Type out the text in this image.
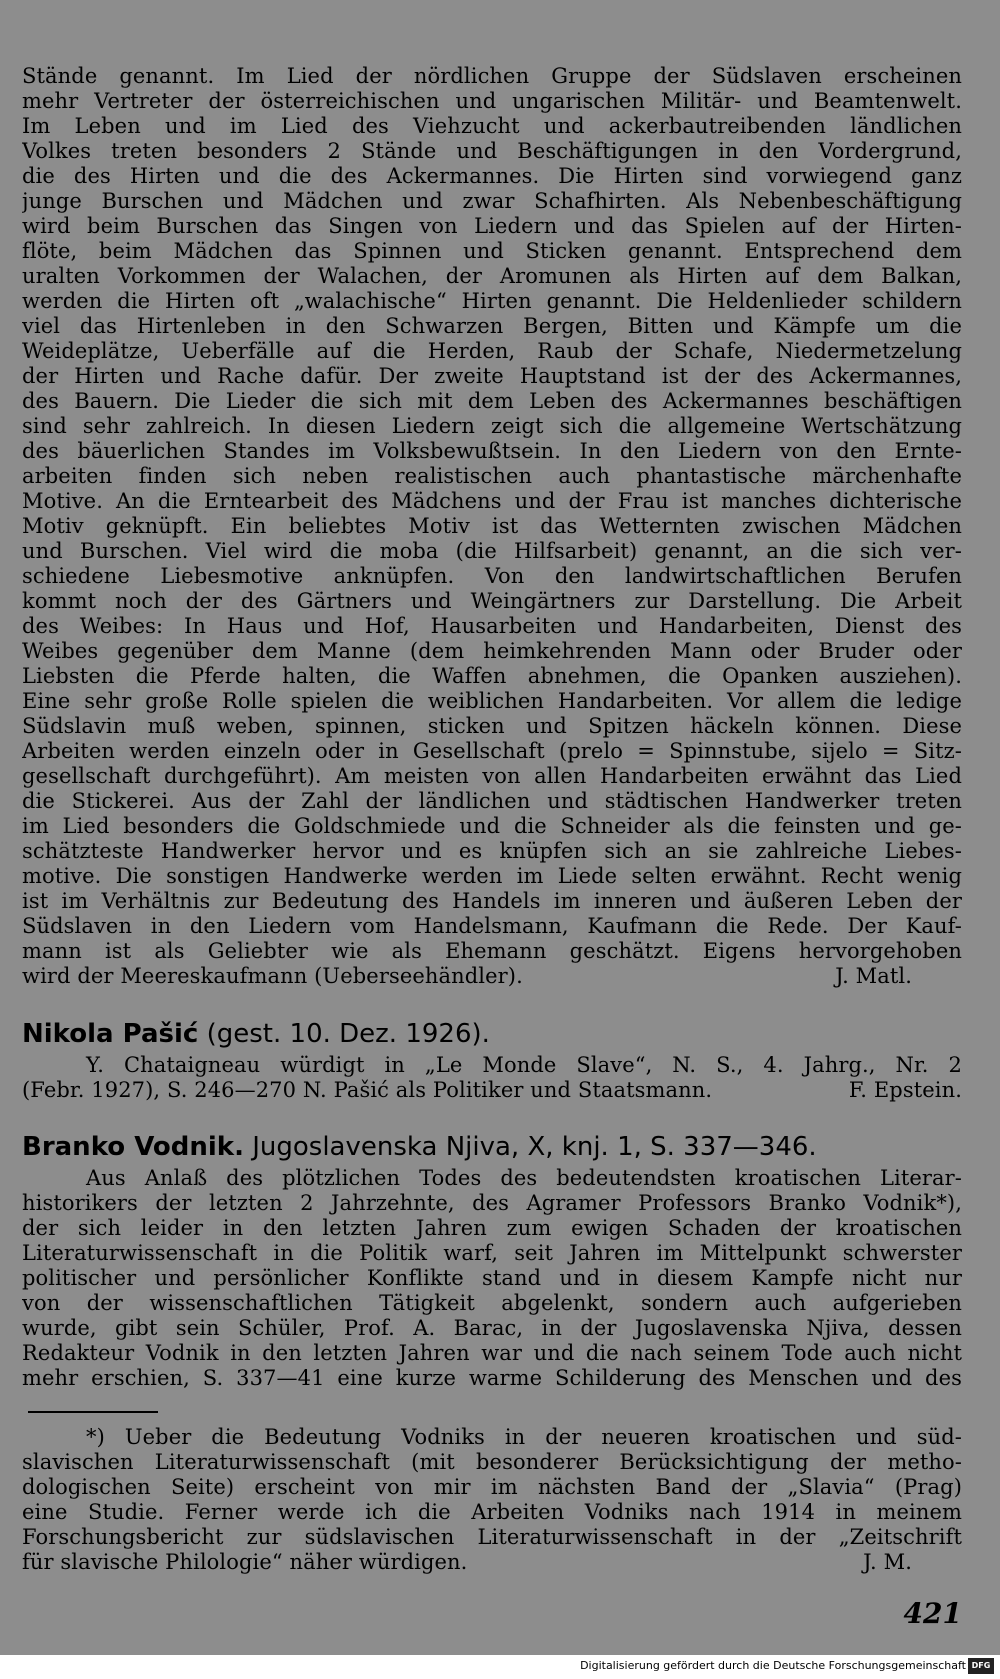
Stände genannt. Im Lied der nördlichen Gruppe der Südslaven erscheinen
mehr Vertreter der österreichischen und ungarischen Militär- und Beamtenwelt.
Im Leben und im Lied des Viehzucht und ackerbautreibenden ländlichen
Volkes treten besonders 2 Stände und Beschäftigungen in den Vordergrund,
die des Hirten und die des Ackermannes. Die Hirten sind vorwiegend ganz
junge Burschen und Mädchen und zwar Schafhirten. Als Nebenbeschäftigung
wird beim Burschen das Singen von Liedern und das Spielen auf der Hirten-
flöte, beim Mädchen das Spinnen und Sticken genannt. Entsprechend dem
uralten Vorkommen der Walachen, der Aromunen als Hirten auf dem Balkan,
werden die Hirten oft „walachische“ Hirten genannt. Die Heldenlieder schildern
viel das Hirtenleben in den Schwarzen Bergen, Bitten und Kämpfe um die
Weideplätze, Ueberfälle auf die Herden, Raub der Schafe, Niedermetzelung
der Hirten und Rache dafür. Der zweite Hauptstand ist der des Ackermannes,
des Bauern. Die Lieder die sich mit dem Leben des Ackermannes beschäftigen
sind sehr zahlreich. In diesen Liedern zeigt sich die allgemeine Wertschätzung
des bäuerlichen Standes im Volksbewußtsein. In den Liedern von den Ernte-
arbeiten finden sich neben realistischen auch phantastische märchenhafte
Motive. An die Erntearbeit des Mädchens und der Frau ist manches dichterische
Motiv geknüpft. Ein beliebtes Motiv ist das Wetternten zwischen Mädchen
und Burschen. Viel wird die moba (die Hilfsarbeit) genannt, an die sich ver-
schiedene Liebesmotive anknüpfen. Von den landwirtschaftlichen Berufen
kommt noch der des Gärtners und Weingärtners zur Darstellung. Die Arbeit
des Weibes: In Haus und Hof, Hausarbeiten und Handarbeiten, Dienst des
Weibes gegenüber dem Manne (dem heimkehrenden Mann oder Bruder oder
Liebsten die Pferde halten, die Waffen abnehmen, die Opanken ausziehen).
Eine sehr große Rolle spielen die weiblichen Handarbeiten. Vor allem die ledige
Südslavin muß weben, spinnen, sticken und Spitzen häckeln können. Diese
Arbeiten werden einzeln oder in Gesellschaft (prelo = Spinnstube, sijelo = Sitz-
gesellschaft durchgeführt). Am meisten von allen Handarbeiten erwähnt das Lied
die Stickerei. Aus der Zahl der ländlichen und städtischen Handwerker treten
im Lied besonders die Goldschmiede und die Schneider als die feinsten und ge-
schätzteste Handwerker hervor und es knüpfen sich an sie zahlreiche Liebes-
motive. Die sonstigen Handwerke werden im Liede selten erwähnt. Recht wenig
ist im Verhältnis zur Bedeutung des Handels im inneren und äußeren Leben der
Südslaven in den Liedern vom Handelsmann, Kaufmann die Rede. Der Kauf-
mann ist als Geliebter wie als Ehemann geschätzt. Eigens hervorgehoben
wird der Meereskaufmann (Ueberseehändler).	J. Matl.
Nikola Pašić (gest. 10. Dez. 1926).
Y. Chataigneau würdigt in „Le Monde Slave“, N. S., 4. Jahrg., Nr. 2
(Febr. 1927), S. 246—270 N. Pašić als Politiker und Staatsmann.	F. Epstein.
Branko Vodnik. Jugoslavenska Njiva, X, knj. 1, S. 337—346.
Aus Anlaß des plötzlichen Todes des bedeutendsten kroatischen Literar-
historikers der letzten 2 Jahrzehnte, des Agramer Professors Branko Vodnik*),
der sich leider in den letzten Jahren zum ewigen Schaden der kroatischen
Literaturwissenschaft in die Politik warf, seit Jahren im Mittelpunkt schwerster
politischer und persönlicher Konflikte stand und in diesem Kampfe nicht nur
von der wissenschaftlichen Tätigkeit abgelenkt, sondern auch aufgerieben
wurde, gibt sein Schüler, Prof. A. Barac, in der Jugoslavenska Njiva, dessen
Redakteur Vodnik in den letzten Jahren war und die nach seinem Tode auch nicht
mehr erschien, S. 337—41 eine kurze warme Schilderung des Menschen und des
*) Ueber die Bedeutung Vodniks in der neueren kroatischen und süd-
slavischen Literaturwissenschaft (mit besonderer Berücksichtigung der metho-
dologischen Seite) erscheint von mir im nächsten Band der „Slavia“ (Prag)
eine Studie. Ferner werde ich die Arbeiten Vodniks nach 1914 in meinem
Forschungsbericht zur südslavischen Literaturwissenschaft in der „Zeitschrift
für slavische Philologie“ näher würdigen.	J. M.
421
Digitalisierung gefördert durch die Deutsche Forschungsgemeinschaft DFG
